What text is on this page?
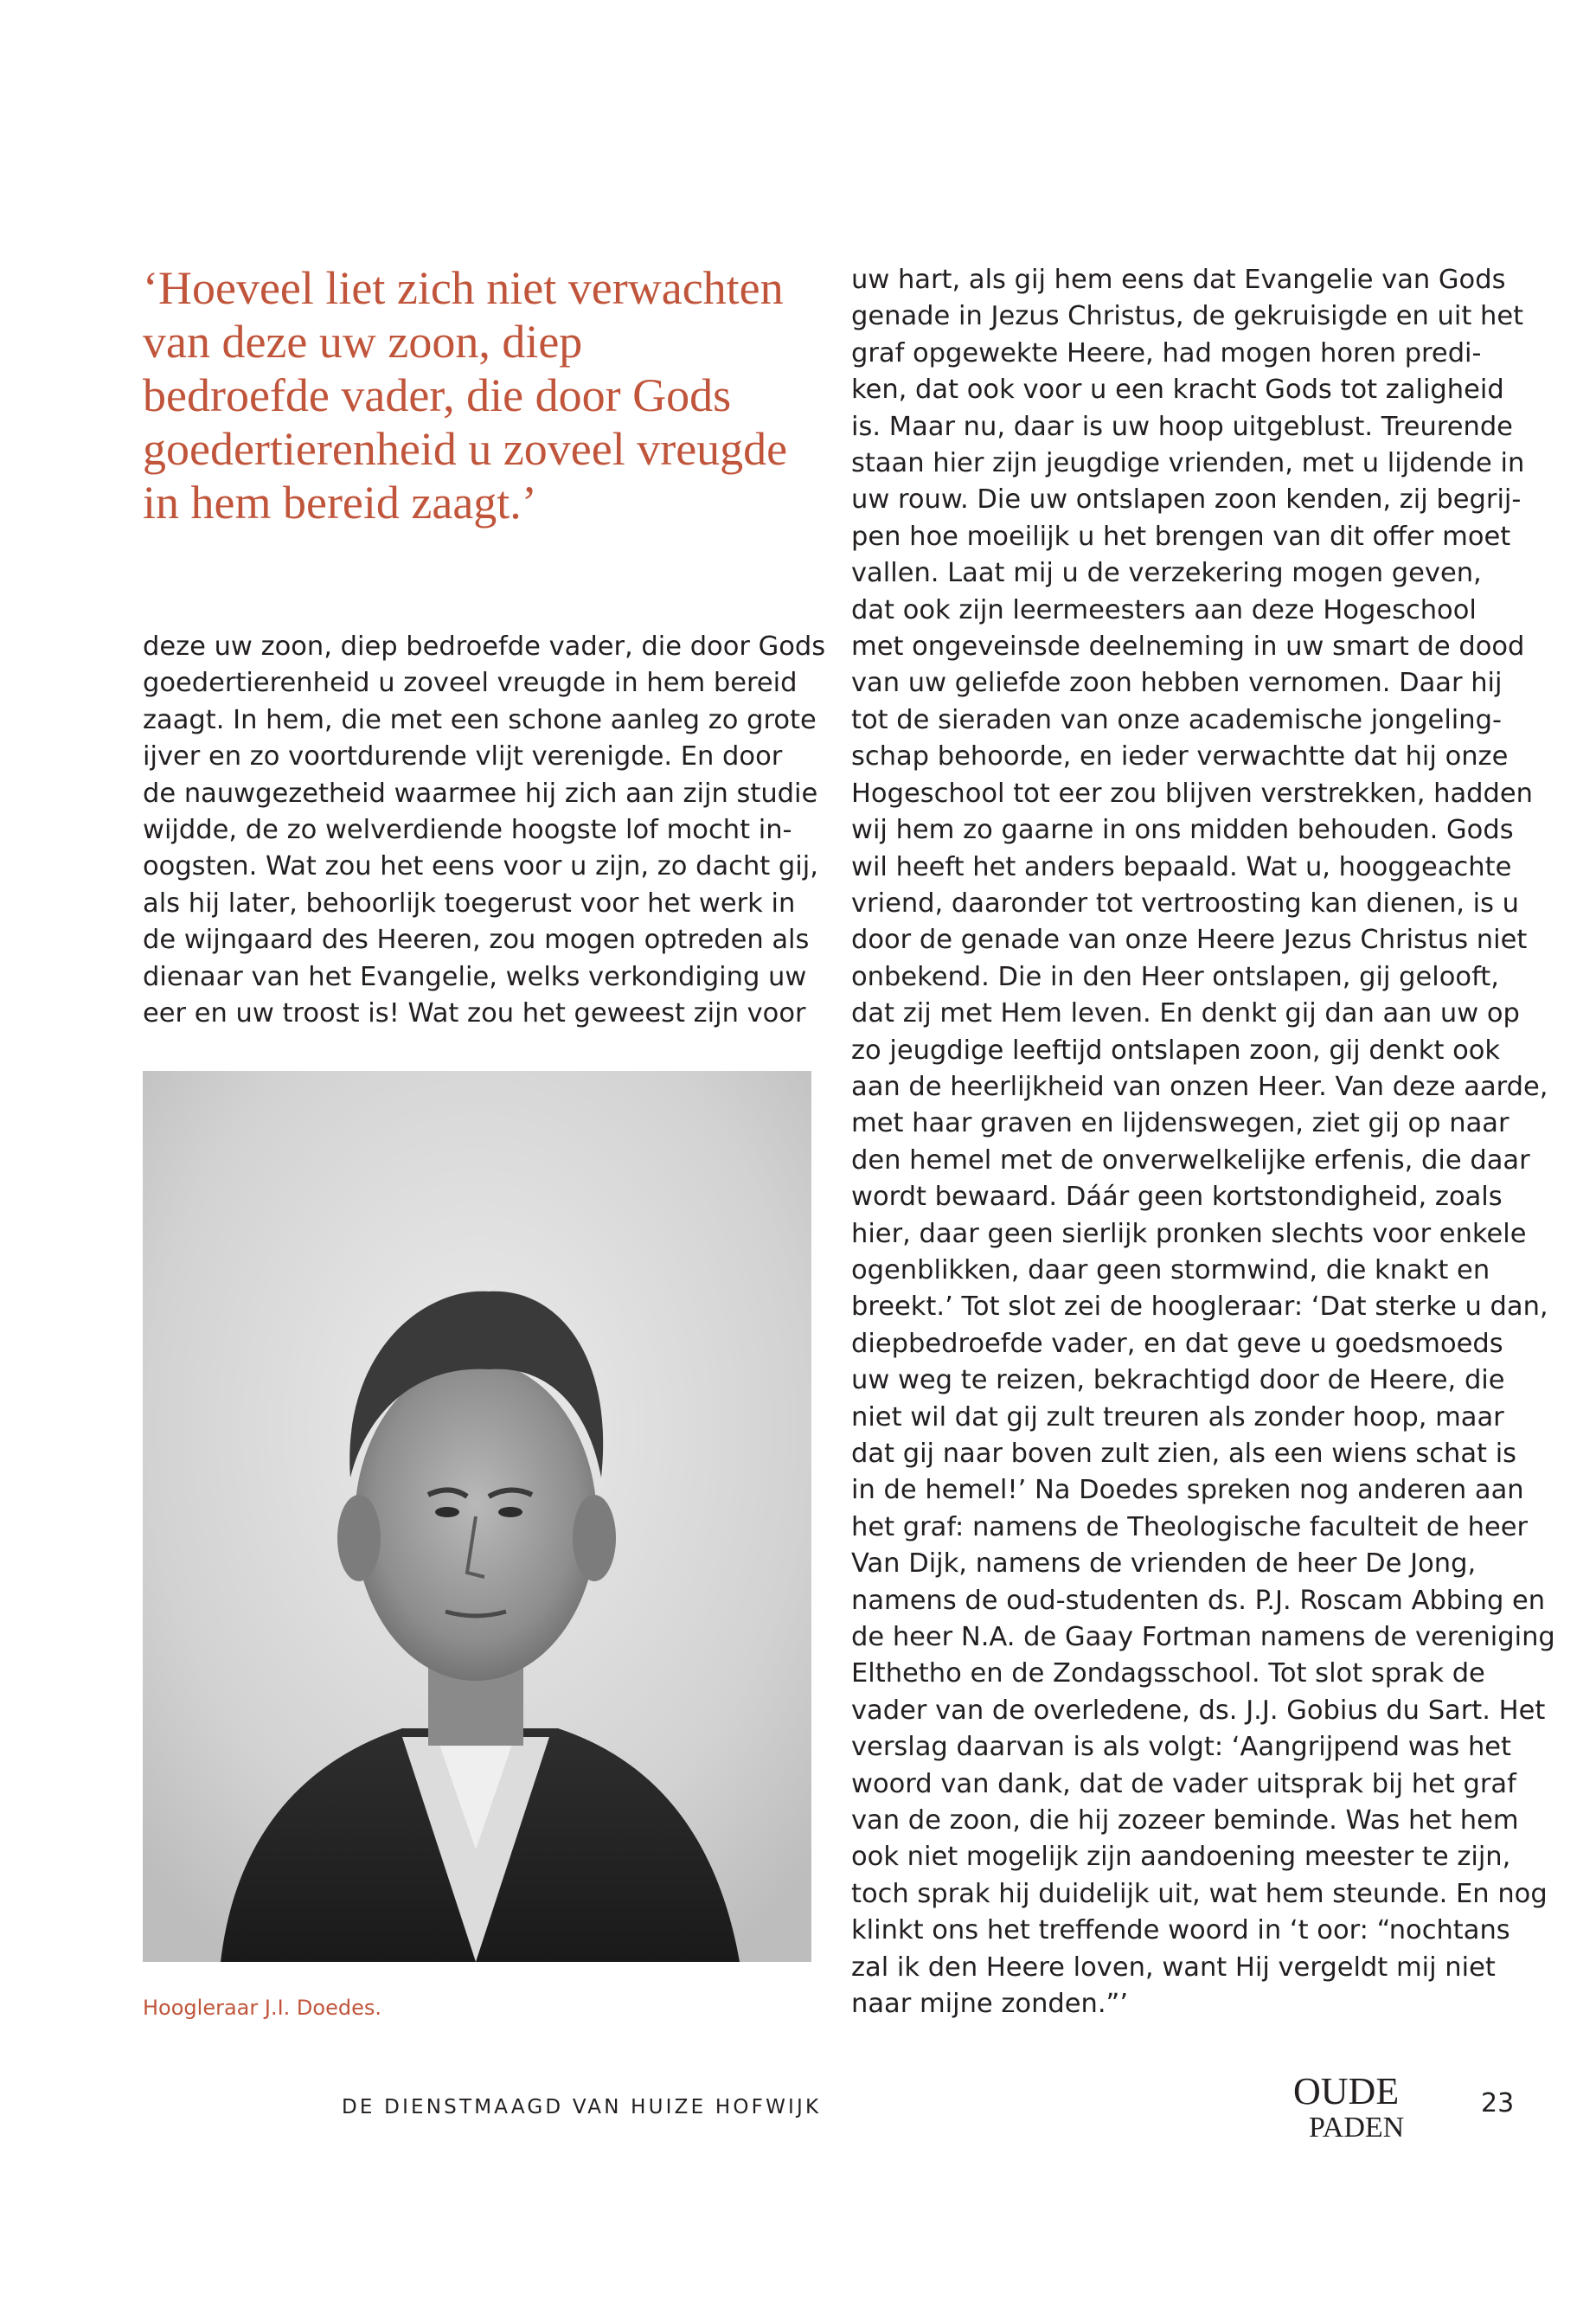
‘Hoeveel liet zich niet verwachten
van deze uw zoon, diep
bedroefde vader, die door Gods
goedertierenheid u zoveel vreugde
in hem bereid zaagt.’
deze uw zoon, diep bedroefde vader, die door Gods
goedertierenheid u zoveel vreugde in hem bereid
zaagt. In hem, die met een schone aanleg zo grote
ijver en zo voortdurende vlijt verenigde. En door
de nauwgezetheid waarmee hij zich aan zijn studie
wijdde, de zo welverdiende hoogste lof mocht in-
oogsten. Wat zou het eens voor u zijn, zo dacht gij,
als hij later, behoorlijk toegerust voor het werk in
de wijngaard des Heeren, zou mogen optreden als
dienaar van het Evangelie, welks verkondiging uw
eer en uw troost is! Wat zou het geweest zijn voor
Hoogleraar J.I. Doedes.
uw hart, als gij hem eens dat Evangelie van Gods
genade in Jezus Christus, de gekruisigde en uit het
graf opgewekte Heere, had mogen horen predi-
ken, dat ook voor u een kracht Gods tot zaligheid
is. Maar nu, daar is uw hoop uitgeblust. Treurende
staan hier zijn jeugdige vrienden, met u lijdende in
uw rouw. Die uw ontslapen zoon kenden, zij begrij-
pen hoe moeilijk u het brengen van dit offer moet
vallen. Laat mij u de verzekering mogen geven,
dat ook zijn leermeesters aan deze Hogeschool
met ongeveinsde deelneming in uw smart de dood
van uw geliefde zoon hebben vernomen. Daar hij
tot de sieraden van onze academische jongeling-
schap behoorde, en ieder verwachtte dat hij onze
Hogeschool tot eer zou blijven verstrekken, hadden
wij hem zo gaarne in ons midden behouden. Gods
wil heeft het anders bepaald. Wat u, hooggeachte
vriend, daaronder tot vertroosting kan dienen, is u
door de genade van onze Heere Jezus Christus niet
onbekend. Die in den Heer ontslapen, gij gelooft,
dat zij met Hem leven. En denkt gij dan aan uw op
zo jeugdige leeftijd ontslapen zoon, gij denkt ook
aan de heerlijkheid van onzen Heer. Van deze aarde,
met haar graven en lijdenswegen, ziet gij op naar
den hemel met de onverwelkelijke erfenis, die daar
wordt bewaard. Dáár geen kortstondigheid, zoals
hier, daar geen sierlijk pronken slechts voor enkele
ogenblikken, daar geen stormwind, die knakt en
breekt.’ Tot slot zei de hoogleraar: ‘Dat sterke u dan,
diepbedroefde vader, en dat geve u goedsmoeds
uw weg te reizen, bekrachtigd door de Heere, die
niet wil dat gij zult treuren als zonder hoop, maar
dat gij naar boven zult zien, als een wiens schat is
in de hemel!’ Na Doedes spreken nog anderen aan
het graf: namens de Theologische faculteit de heer
Van Dijk, namens de vrienden de heer De Jong,
namens de oud-studenten ds. P.J. Roscam Abbing en
de heer N.A. de Gaay Fortman namens de vereniging
Elthetho en de Zondagsschool. Tot slot sprak de
vader van de overledene, ds. J.J. Gobius du Sart. Het
verslag daarvan is als volgt: ‘Aangrijpend was het
woord van dank, dat de vader uitsprak bij het graf
van de zoon, die hij zozeer beminde. Was het hem
ook niet mogelijk zijn aandoening meester te zijn,
toch sprak hij duidelijk uit, wat hem steunde. En nog
klinkt ons het treffende woord in ‘t oor: “nochtans
zal ik den Heere loven, want Hij vergeldt mij niet
naar mijne zonden.”’
DE DIENSTMAAGD VAN HUIZE HOFWIJK	OUDE
PADEN
23
